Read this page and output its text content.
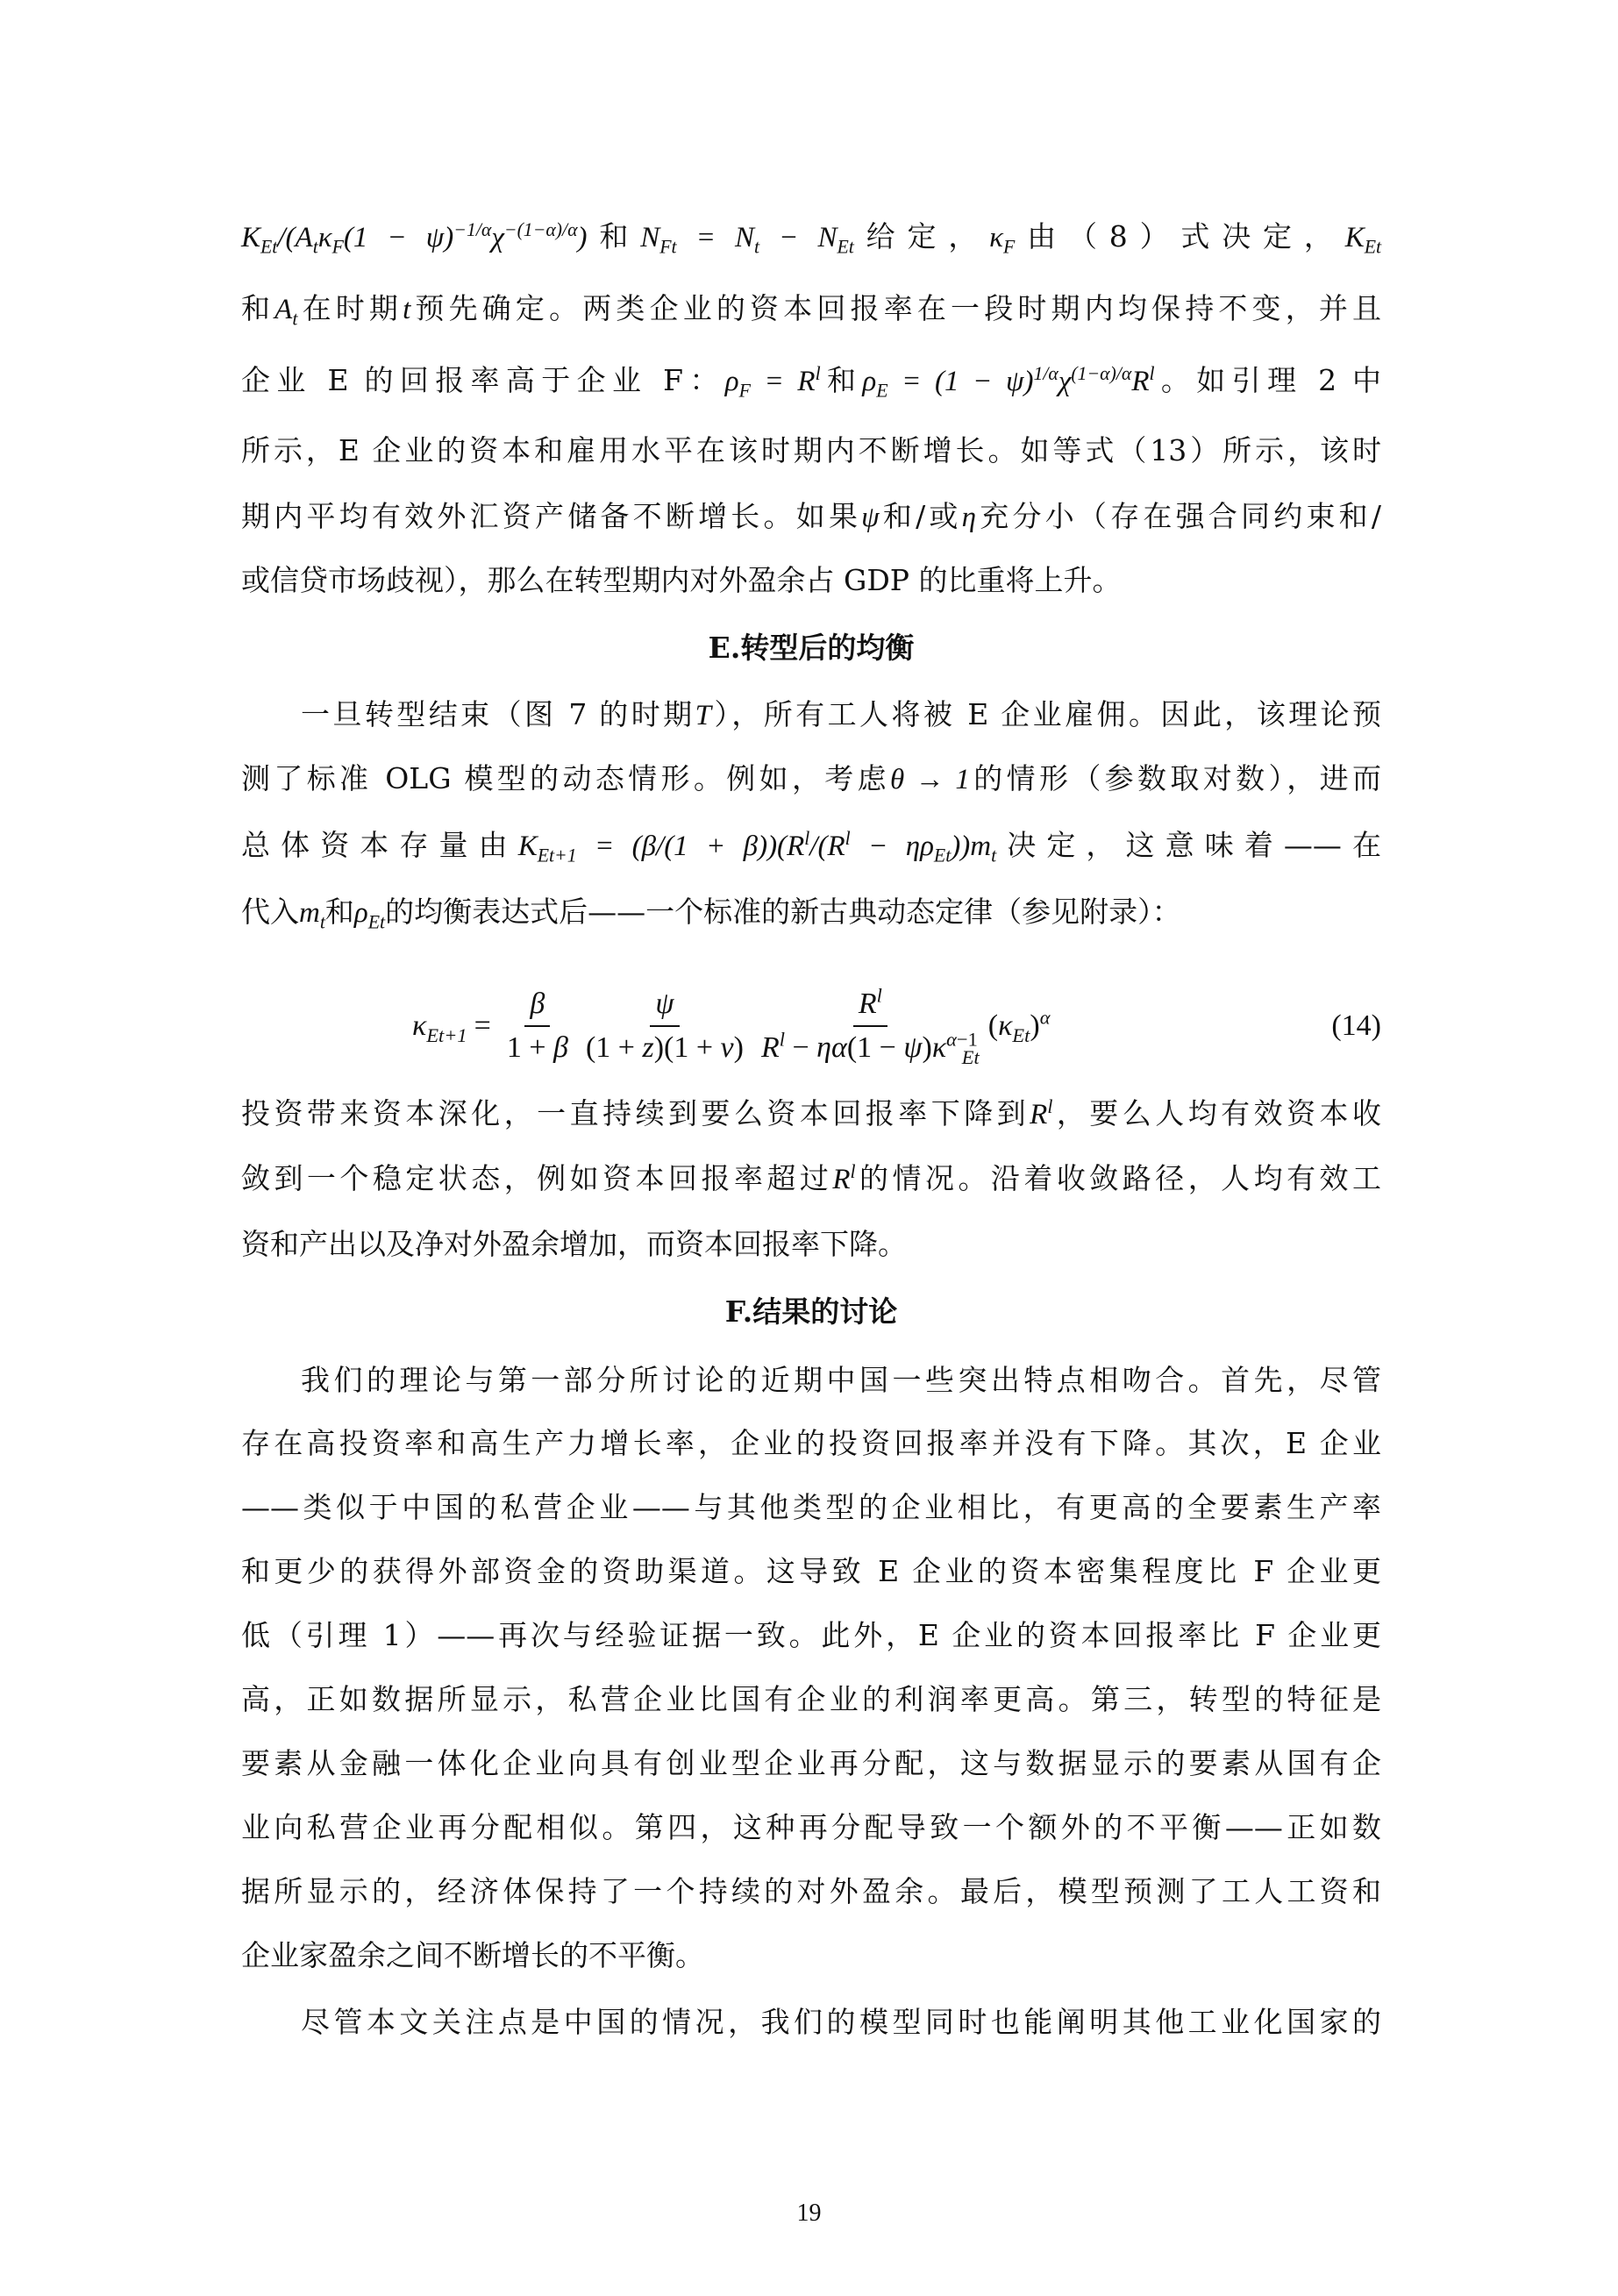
$K_{Et}/(A_t\kappa_F(1 - \psi)^{-1/\alpha}\chi^{-(1-\alpha)/\alpha})$和$N_{Ft} = N_t - N_{Et}$给定，$\kappa_F$由（8）式决定，$K_{Et}$
和$A_t$在时期t预先确定。两类企业的资本回报率在一段时期内均保持不变，并且
企业 E 的回报率高于企业 F：$\rho_F = R^l$和$\rho_E = (1 - \psi)^{1/\alpha}\chi^{(1-\alpha)/\alpha}R^l$。如引理 2 中
所示，E 企业的资本和雇用水平在该时期内不断增长。如等式（13）所示，该时
期内平均有效外汇资产储备不断增长。如果ψ和/或η充分小（存在强合同约束和/
或信贷市场歧视），那么在转型期内对外盈余占 GDP 的比重将上升。
E.转型后的均衡
一旦转型结束（图 7 的时期T），所有工人将被 E 企业雇佣。因此，该理论预
测了标准 OLG 模型的动态情形。例如，考虑θ → 1的情形（参数取对数），进而
总体资本存量由$K_{Et+1} = (\beta/(1 + \beta))(R^l/(R^l - \eta\rho_{Et}))m_t$决定，这意味着——在
代入$m_t$和$\rho_{Et}$的均衡表达式后——一个标准的新古典动态定律（参见附录）：
$\kappa_{Et+1} = \frac{\beta}{1 + \beta} \frac{\psi}{(1 + z)(1 + \nu)} \frac{R^l}{R^l - \eta\alpha(1 - \psi)\kappa^{\alpha-1}_{Et}} (\kappa_{Et})^\alpha$	(14)
投资带来资本深化，一直持续到要么资本回报率下降到$R^l$，要么人均有效资本收
敛到一个稳定状态，例如资本回报率超过$R^l$的情况。沿着收敛路径，人均有效工
资和产出以及净对外盈余增加，而资本回报率下降。
F.结果的讨论
我们的理论与第一部分所讨论的近期中国一些突出特点相吻合。首先，尽管
存在高投资率和高生产力增长率，企业的投资回报率并没有下降。其次，E 企业
——类似于中国的私营企业——与其他类型的企业相比，有更高的全要素生产率
和更少的获得外部资金的资助渠道。这导致 E 企业的资本密集程度比 F 企业更
低（引理 1）——再次与经验证据一致。此外，E 企业的资本回报率比 F 企业更
高，正如数据所显示，私营企业比国有企业的利润率更高。第三，转型的特征是
要素从金融一体化企业向具有创业型企业再分配，这与数据显示的要素从国有企
业向私营企业再分配相似。第四，这种再分配导致一个额外的不平衡——正如数
据所显示的，经济体保持了一个持续的对外盈余。最后，模型预测了工人工资和
企业家盈余之间不断增长的不平衡。
尽管本文关注点是中国的情况，我们的模型同时也能阐明其他工业化国家的
19
